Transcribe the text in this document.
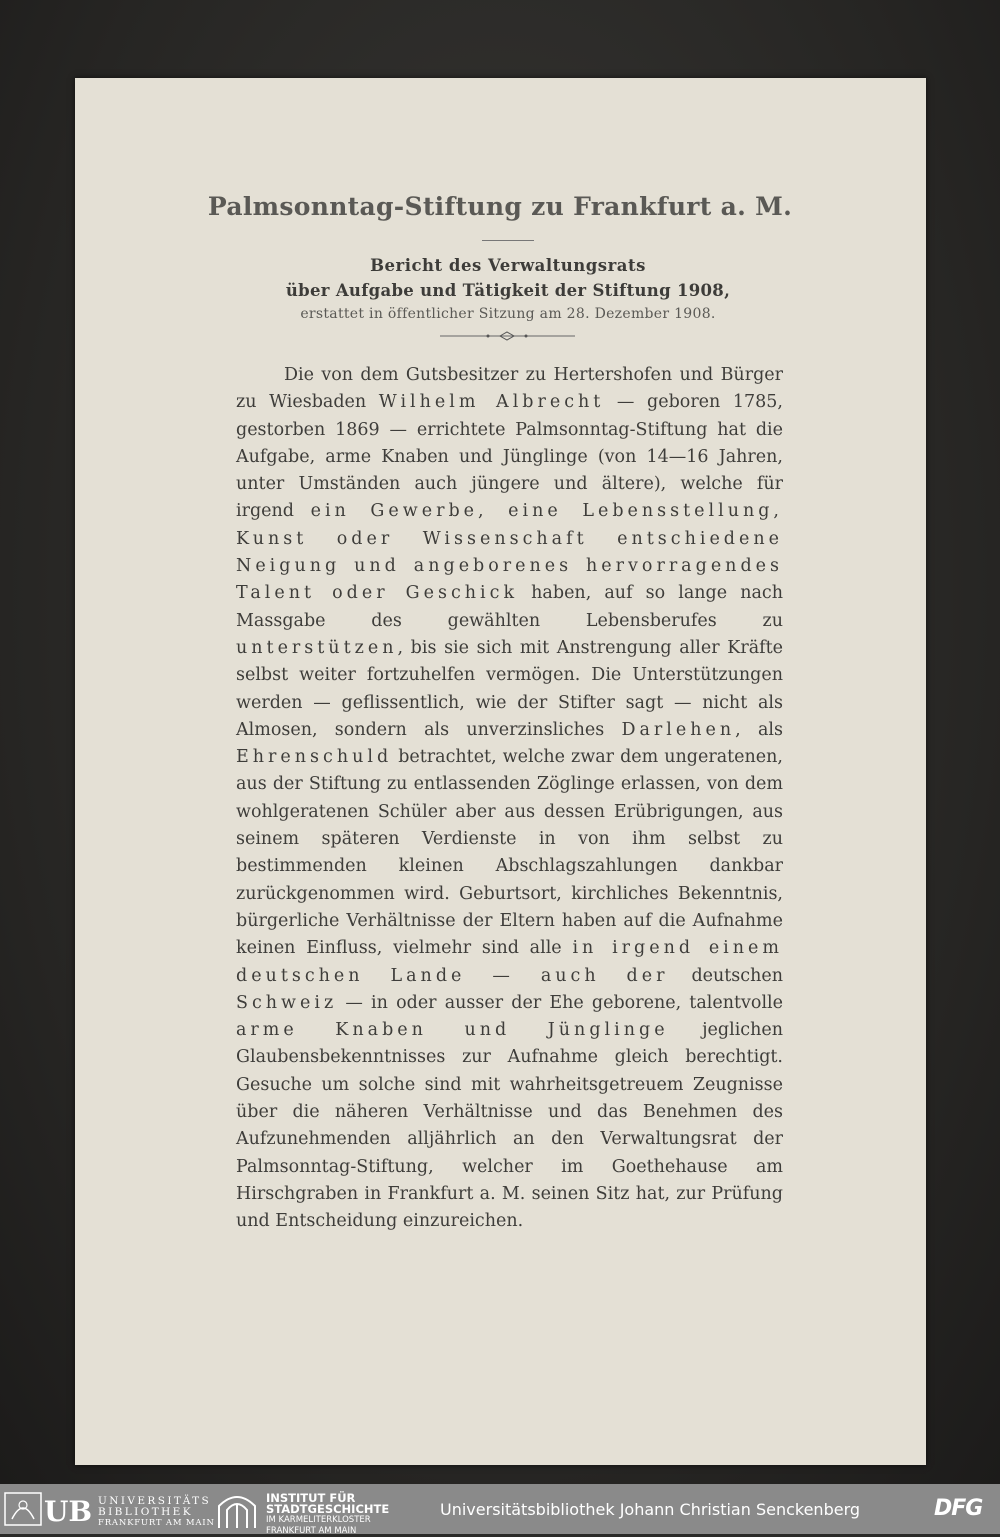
Palmsonntag-Stiftung zu Frankfurt a. M.
Bericht des Verwaltungsrats
über Aufgabe und Tätigkeit der Stiftung 1908,
erstattet in öffentlicher Sitzung am 28. Dezember 1908.
Die von dem Gutsbesitzer zu Hertershofen und Bürger zu Wiesbaden Wilhelm Albrecht — geboren 1785, gestorben 1869 — errichtete Palmsonntag-Stiftung hat die Aufgabe, arme Knaben und Jünglinge (von 14—16 Jahren, unter Umständen auch jüngere und ältere), welche für irgend ein Gewerbe, eine Lebensstellung, Kunst oder Wissenschaft entschiedene Neigung und angeborenes hervorragendes Talent oder Geschick haben, auf so lange nach Massgabe des gewählten Lebensberufes zu unterstützen, bis sie sich mit Anstrengung aller Kräfte selbst weiter fortzuhelfen vermögen. Die Unterstützungen werden — geflissentlich, wie der Stifter sagt — nicht als Almosen, sondern als unverzinsliches Darlehen, als Ehrenschuld betrachtet, welche zwar dem ungeratenen, aus der Stiftung zu entlassenden Zöglinge erlassen, von dem wohlgeratenen Schüler aber aus dessen Erübrigungen, aus seinem späteren Verdienste in von ihm selbst zu bestimmenden kleinen Abschlagszahlungen dankbar zurückgenommen wird. Geburtsort, kirchliches Bekenntnis, bürgerliche Verhältnisse der Eltern haben auf die Aufnahme keinen Einfluss, vielmehr sind alle in irgend einem deutschen Lande — auch der deutschen Schweiz — in oder ausser der Ehe geborene, talentvolle arme Knaben und Jünglinge jeglichen Glaubensbekenntnisses zur Aufnahme gleich berechtigt. Gesuche um solche sind mit wahrheitsgetreuem Zeugnisse über die näheren Verhältnisse und das Benehmen des Aufzunehmenden alljährlich an den Verwaltungsrat der Palmsonntag-Stiftung, welcher im Goethehause am Hirschgraben in Frankfurt a. M. seinen Sitz hat, zur Prüfung und Entscheidung einzureichen.
UB UNIVERSITÄTS
BIBLIOTHEK
FRANKFURT AM MAIN
INSTITUT FÜR
STADTGESCHICHTE
IM KARMELITERKLOSTER
FRANKFURT AM MAIN
Universitätsbibliothek Johann Christian Senckenberg	DFG
